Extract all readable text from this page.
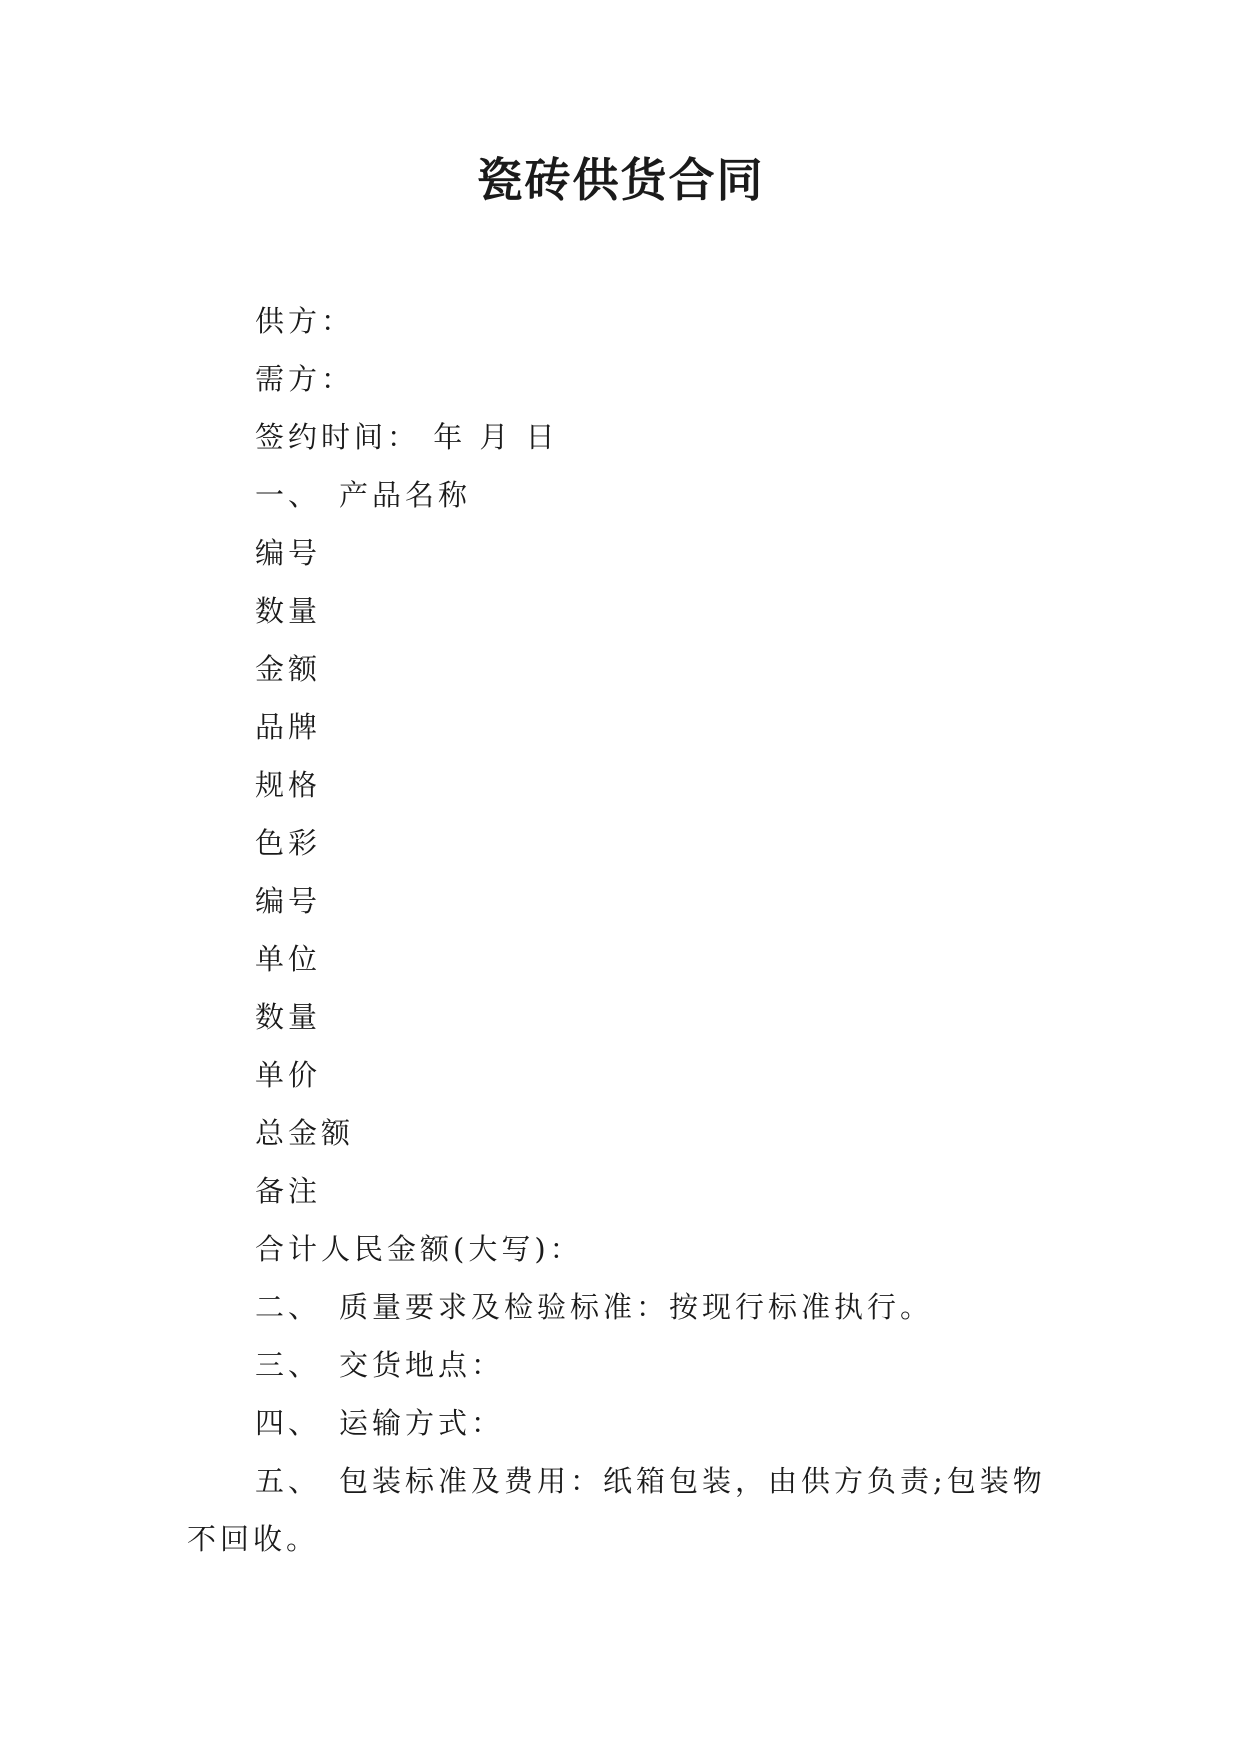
瓷砖供货合同
供方：
需方：
签约时间： 年 月 日
一、 产品名称
编号
数量
金额
品牌
规格
色彩
编号
单位
数量
单价
总金额
备注
合计人民金额(大写)：
二、 质量要求及检验标准：按现行标准执行。
三、 交货地点：
四、 运输方式：
五、 包装标准及费用：纸箱包装，由供方负责;包装物
不回收。
